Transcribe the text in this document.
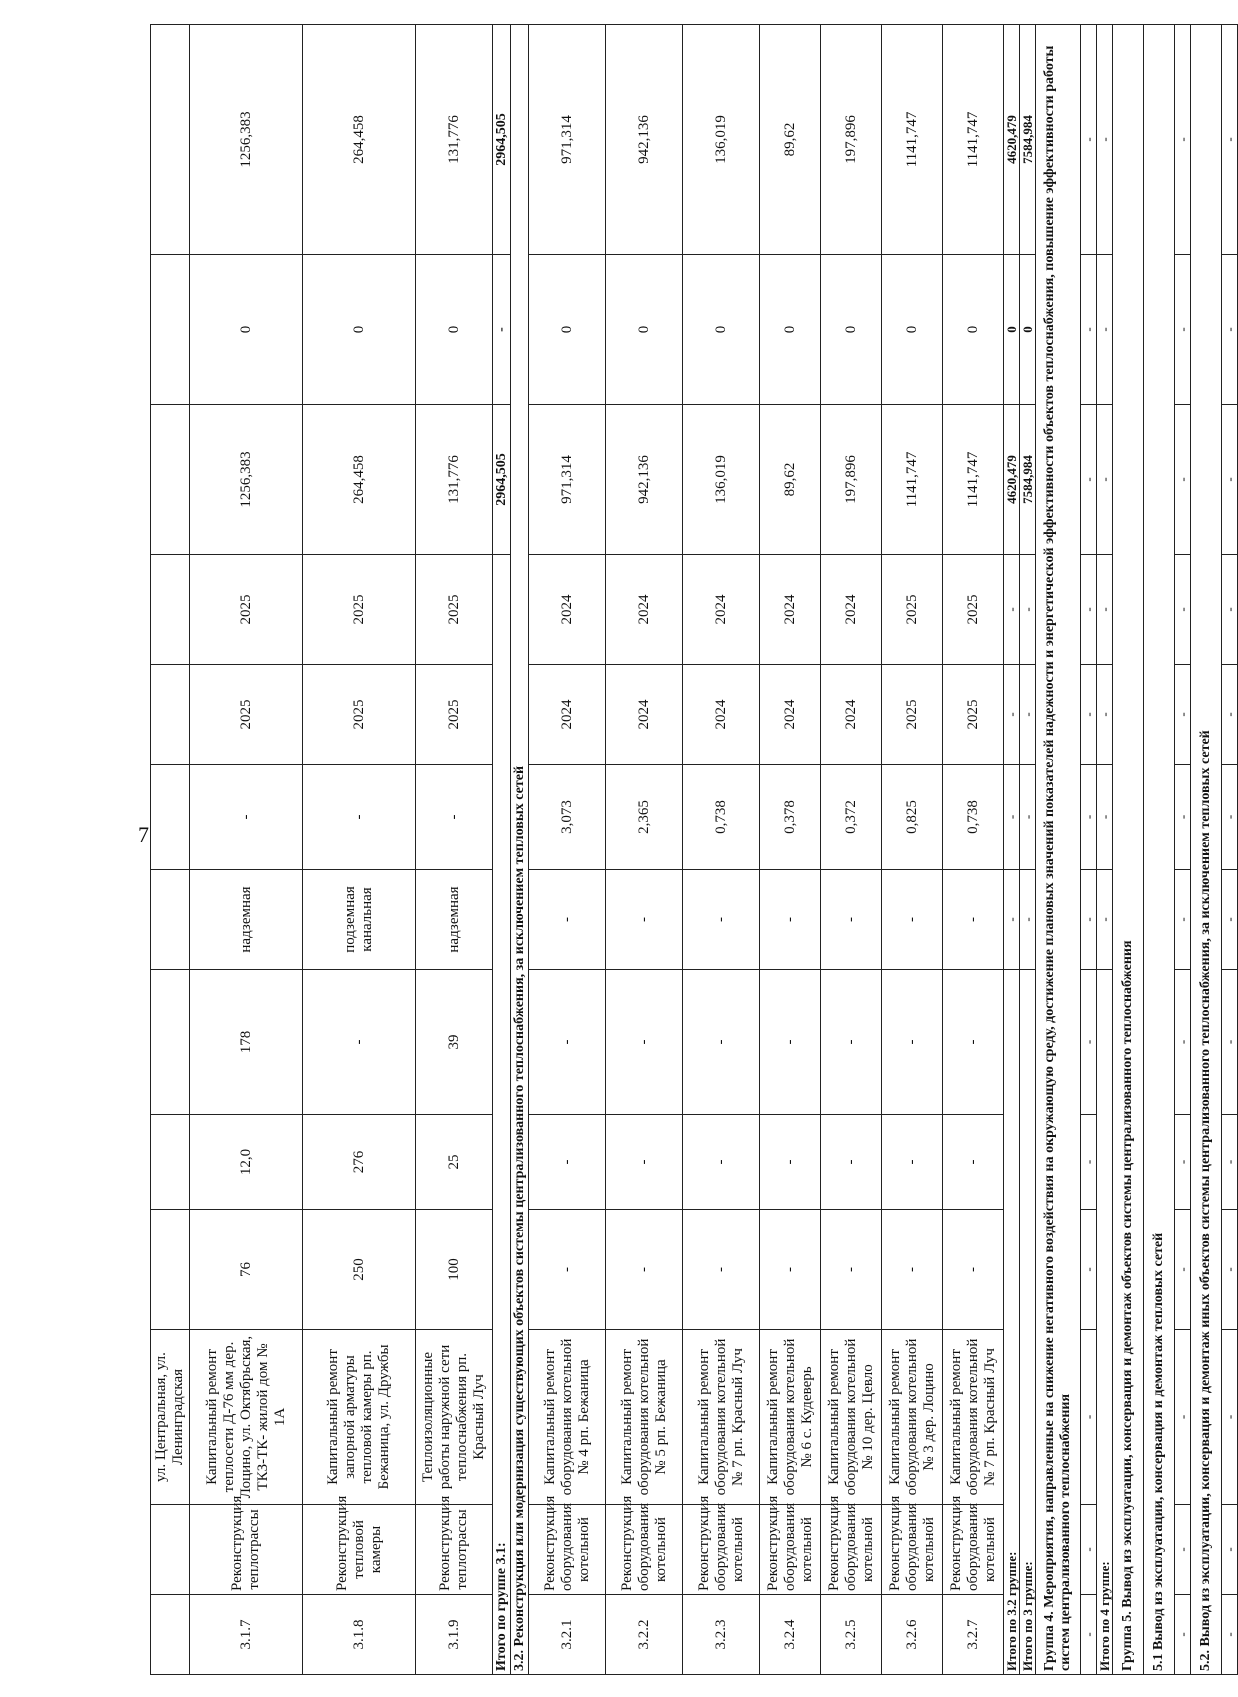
7
		ул. Центральная, ул. Ленинградская										
3.1.7	Реконструкция теплотрассы	Капитальный ремонт теплосети Д-76 мм дер. Лоцино, ул. Октябрьская, ТКЗ-ТК- жилой дом № 1А	76	12,0	178	надземная	-	2025	2025	1256,383	0	1256,383
3.1.8	Реконструкция тепловой камеры	Капитальный ремонт запорной арматуры тепловой камеры рп. Бежаница, ул. Дружбы	250	276	-	подземная канальная	-	2025	2025	264,458	0	264,458
3.1.9	Реконструкция теплотрассы	Теплоизоляционные работы наружной сети теплоснабжения рп. Красный Луч	100	25	39	надземная	-	2025	2025	131,776	0	131,776
Итого по группе 3.1:										2964,505	-	2964,505
3.2. Реконструкция или модернизация существующих объектов системы централизованного теплоснабжения, за исключением тепловых сетей												
3.2.1	Реконструкция оборудования котельной	Капитальный ремонт оборудования котельной № 4 рп. Бежаница	-	-	-	-	3,073	2024	2024	971,314	0	971,314
3.2.2	Реконструкция оборудования котельной	Капитальный ремонт оборудования котельной № 5 рп. Бежаница	-	-	-	-	2,365	2024	2024	942,136	0	942,136
3.2.3	Реконструкция оборудования котельной	Капитальный ремонт оборудования котельной № 7 рп. Красный Луч	-	-	-	-	0,738	2024	2024	136,019	0	136,019
3.2.4	Реконструкция оборудования котельной	Капитальный ремонт оборудования котельной № 6 с. Кудеверь	-	-	-	-	0,378	2024	2024	89,62	0	89,62
3.2.5	Реконструкция оборудования котельной	Капитальный ремонт оборудования котельной № 10 дер. Цевло	-	-	-	-	0,372	2024	2024	197,896	0	197,896
3.2.6	Реконструкция оборудования котельной	Капитальный ремонт оборудования котельной № 3 дер. Лоцино	-	-	-	-	0,825	2025	2025	1141,747	0	1141,747
3.2.7	Реконструкция оборудования котельной	Капитальный ремонт оборудования котельной № 7 рп. Красный Луч	-	-	-	-	0,738	2025	2025	1141,747	0	1141,747
Итого по 3.2 группе:						-	-	-	-	4620,479	0	4620,479
Итого по 3 группе:						-	-	-	-	7584,984	0	7584,984
Группа 4. Мероприятия, направленные на снижение негативного воздействия на окружающую среду, достижение плановых значений показателей надежности и энергетической эффективности объектов теплоснабжения, повышение эффективности работы систем централизованного теплоснабжения												
-	-	-	-	-	-	-	-	-	-	-	-	-
Итого по 4 группе:						-	-	-	-	-	-	-
Группа 5. Вывод из эксплуатации, консервация и демонтаж объектов системы централизованного теплоснабжения												
5.1 Вывод из эксплуатации, консервация и демонтаж тепловых сетей												
-	-	-	-	-	-	-	-	-	-	-	-	-
5.2. Вывод из эксплуатации, консервация и демонтаж иных объектов системы централизованного теплоснабжения, за исключением тепловых сетей												
-	-	-	-	-	-	-	-	-	-	-	-	-
